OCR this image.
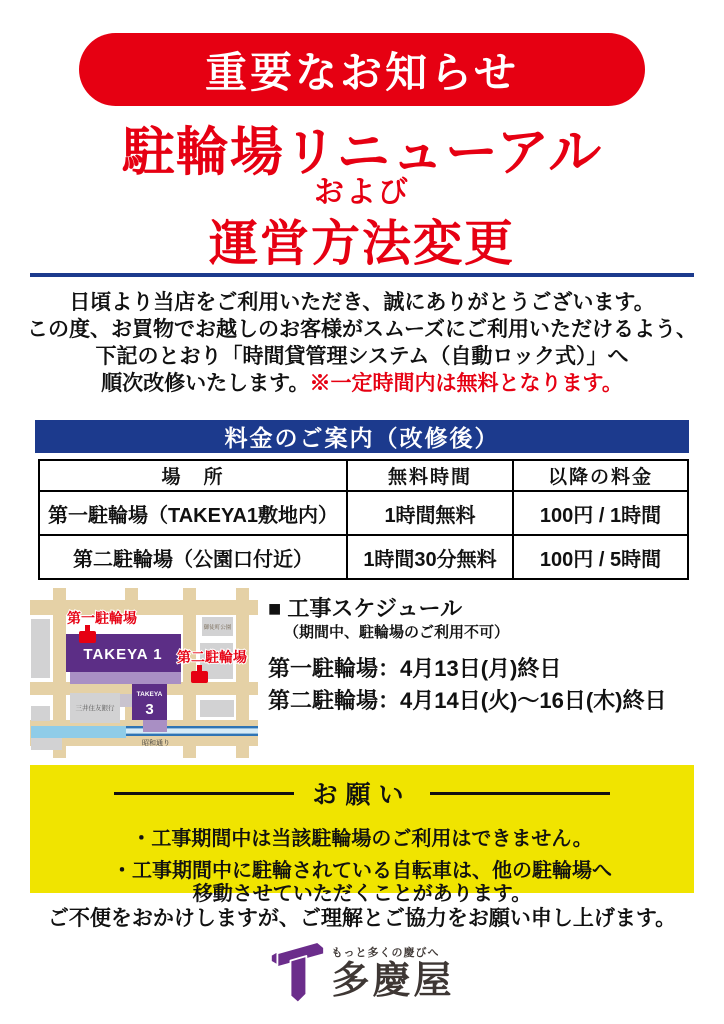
重要なお知らせ
駐輪場リニューアル
および
運営方法変更
日頃より当店をご利用いただき、誠にありがとうございます。
この度、お買物でお越しのお客様がスムーズにご利用いただけるよう、
下記のとおり「時間貸管理システム（自動ロック式）」へ
順次改修いたします。※一定時間内は無料となります。
料金のご案内（改修後）
場　所	無料時間	以降の料金
第一駐輪場（TAKEYA1敷地内）	1時間無料	100円 / 1時間
第二駐輪場（公園口付近）	1時間30分無料	100円 / 5時間
第一駐輪場
第二駐輪場
TAKEYA 1
TAKEYA
3
御徒町公園
三井住友銀行
昭和通り
■ 工事スケジュール
（期間中、駐輪場のご利用不可）
第一駐輪場：4月13日(月)終日
第二駐輪場：4月14日(火)～16日(木)終日
お願い
・工事期間中は当該駐輪場のご利用はできません。
・工事期間中に駐輪されている自転車は、他の駐輪場へ
移動させていただくことがあります。
ご不便をおかけしますが、ご理解とご協力をお願い申し上げます。
もっと多くの慶びへ
多慶屋
